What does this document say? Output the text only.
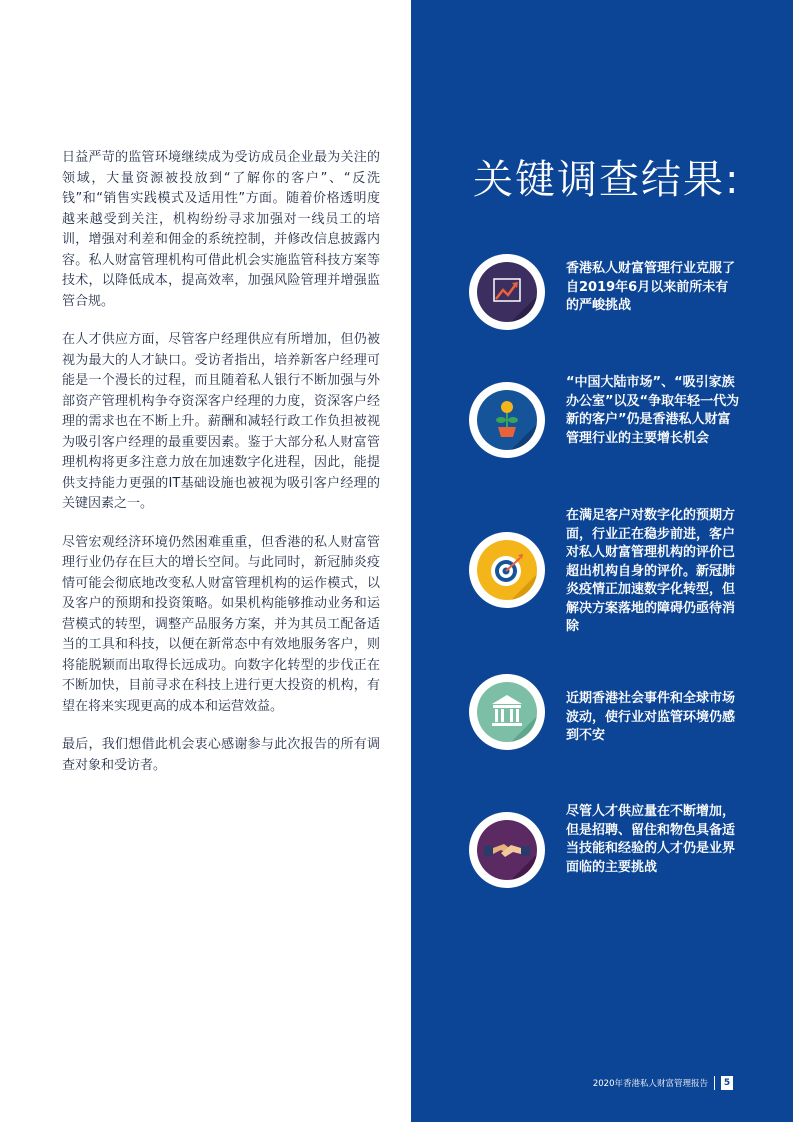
日益严苛的监管环境继续成为受访成员企业最为关注的领域，大量资源被投放到“了解你的客户”、“反洗钱”和“销售实践模式及适用性”方面。随着价格透明度越来越受到关注，机构纷纷寻求加强对一线员工的培训，增强对利差和佣金的系统控制，并修改信息披露内容。私人财富管理机构可借此机会实施监管科技方案等技术，以降低成本，提高效率，加强风险管理并增强监管合规。

在人才供应方面，尽管客户经理供应有所增加，但仍被视为最大的人才缺口。受访者指出，培养新客户经理可能是一个漫长的过程，而且随着私人银行不断加强与外部资产管理机构争夺资深客户经理的力度，资深客户经理的需求也在不断上升。薪酬和减轻行政工作负担被视为吸引客户经理的最重要因素。鉴于大部分私人财富管理机构将更多注意力放在加速数字化进程，因此，能提供支持能力更强的IT基础设施也被视为吸引客户经理的关键因素之一。

尽管宏观经济环境仍然困难重重，但香港的私人财富管理行业仍存在巨大的增长空间。与此同时，新冠肺炎疫情可能会彻底地改变私人财富管理机构的运作模式，以及客户的预期和投资策略。如果机构能够推动业务和运营模式的转型，调整产品服务方案，并为其员工配备适当的工具和科技，以便在新常态中有效地服务客户，则将能脱颖而出取得长远成功。向数字化转型的步伐正在不断加快，目前寻求在科技上进行更大投资的机构，有望在将来实现更高的成本和运营效益。

最后，我们想借此机会衷心感谢参与此次报告的所有调查对象和受访者。

关键调查结果:
香港私人财富管理行业克服了自2019年6月以来前所未有的严峻挑战
“中国大陆市场”、“吸引家族办公室”以及“争取年轻一代为新的客户”仍是香港私人财富管理行业的主要增长机会
在满足客户对数字化的预期方面，行业正在稳步前进，客户对私人财富管理机构的评价已超出机构自身的评价。新冠肺炎疫情正加速数字化转型，但解决方案落地的障碍仍亟待消除
近期香港社会事件和全球市场波动，使行业对监管环境仍感到不安
尽管人才供应量在不断增加，但是招聘、留住和物色具备适当技能和经验的人才仍是业界面临的主要挑战
2020年香港私人财富管理报告	5
